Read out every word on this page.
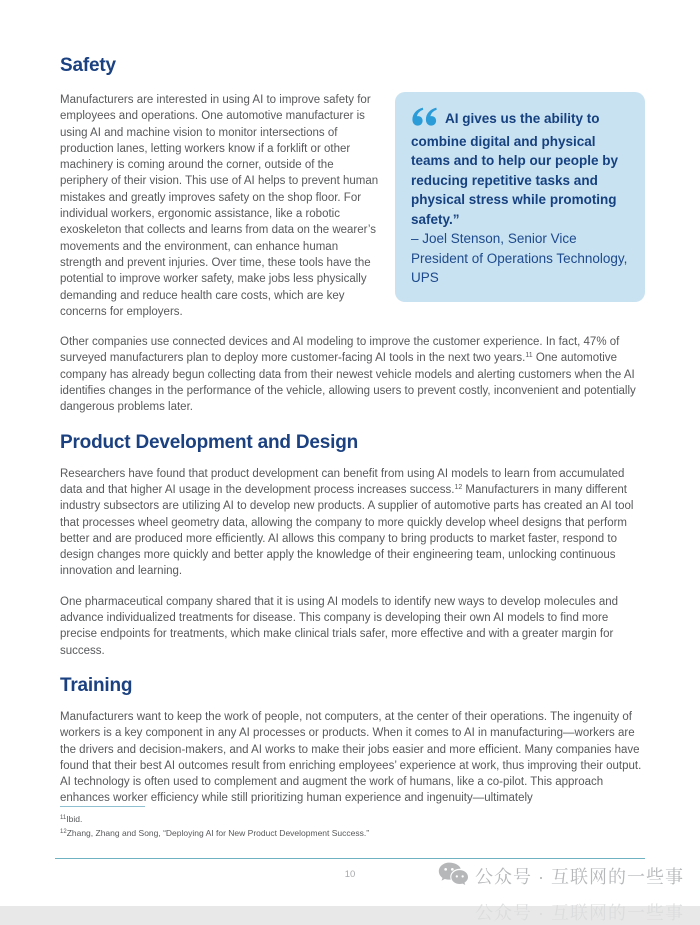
Safety

Manufacturers are interested in using AI to improve safety for employees and operations. One automotive manufacturer is using AI and machine vision to monitor intersections of production lanes, letting workers know if a forklift or other machinery is coming around the corner, outside of the periphery of their vision. This use of AI helps to prevent human mistakes and greatly improves safety on the shop floor. For individual workers, ergonomic assistance, like a robotic exoskeleton that collects and learns from data on the wearer’s movements and the environment, can enhance human strength and prevent injuries. Over time, these tools have the potential to improve worker safety, make jobs less physically demanding and reduce health care costs, which are key concerns for employers.

AI gives us the ability to combine digital and physical teams and to help our people by reducing repetitive tasks and physical stress while promoting safety.”

– Joel Stenson, Senior Vice President of Operations Technology, UPS

Other companies use connected devices and AI modeling to improve the customer experience. In fact, 47% of surveyed manufacturers plan to deploy more customer-facing AI tools in the next two years.$^{11}$ One automotive company has already begun collecting data from their newest vehicle models and alerting customers when the AI identifies changes in the performance of the vehicle, allowing users to prevent costly, inconvenient and potentially dangerous problems later.

Product Development and Design

Researchers have found that product development can benefit from using AI models to learn from accumulated data and that higher AI usage in the development process increases success.$^{12}$ Manufacturers in many different industry subsectors are utilizing AI to develop new products. A supplier of automotive parts has created an AI tool that processes wheel geometry data, allowing the company to more quickly develop wheel designs that perform better and are produced more efficiently. AI allows this company to bring products to market faster, respond to design changes more quickly and better apply the knowledge of their engineering team, unlocking continuous innovation and learning.

One pharmaceutical company shared that it is using AI models to identify new ways to develop molecules and advance individualized treatments for disease. This company is developing their own AI models to find more precise endpoints for treatments, which make clinical trials safer, more effective and with a greater margin for success.

Training

Manufacturers want to keep the work of people, not computers, at the center of their operations. The ingenuity of workers is a key component in any AI processes or products. When it comes to AI in manufacturing—workers are the drivers and decision-makers, and AI works to make their jobs easier and more efficient. Many companies have found that their best AI outcomes result from enriching employees’ experience at work, thus improving their output. AI technology is often used to complement and augment the work of humans, like a co-pilot. This approach enhances worker efficiency while still prioritizing human experience and ingenuity—ultimately

$^{11}$Ibid.

$^{12}$Zhang, Zhang and Song, “Deploying AI for New Product Development Success.”

10	公众号 · 互联网的一些事
公众号 · 互联网的一些事
